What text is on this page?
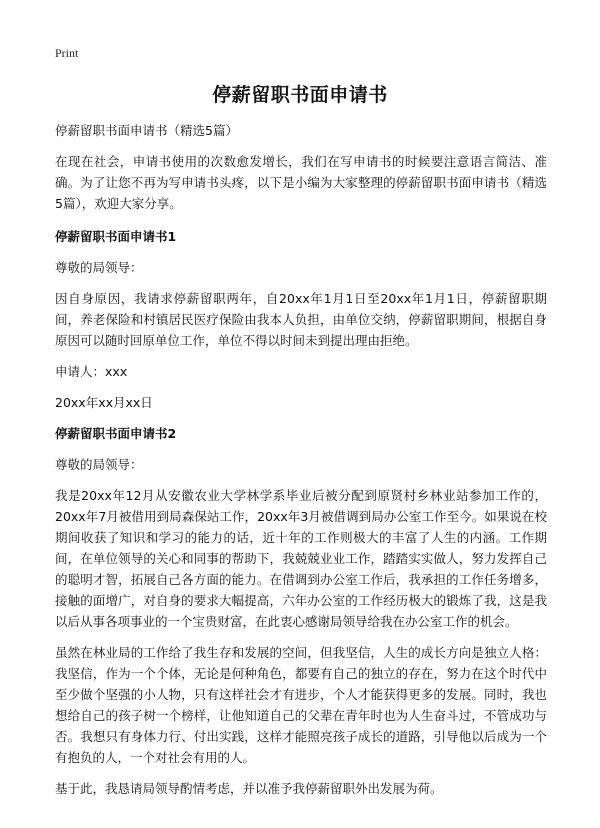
Print
停薪留职书面申请书

停薪留职书面申请书（精选5篇）

在现在社会，申请书使用的次数愈发增长，我们在写申请书的时候要注意语言简洁、准确。为了让您不再为写申请书头疼，以下是小编为大家整理的停薪留职书面申请书（精选5篇），欢迎大家分享。

停薪留职书面申请书1

尊敬的局领导：

因自身原因，我请求停薪留职两年，自20xx年1月1日至20xx年1月1日，停薪留职期间，养老保险和村镇居民医疗保险由我本人负担，由单位交纳，停薪留职期间，根据自身原因可以随时回原单位工作，单位不得以时间未到提出理由拒绝。

申请人：xxx

20xx年xx月xx日

停薪留职书面申请书2

尊敬的局领导：

我是20xx年12月从安徽农业大学林学系毕业后被分配到原贤村乡林业站参加工作的，20xx年7月被借用到局森保站工作，20xx年3月被借调到局办公室工作至今。如果说在校期间收获了知识和学习的能力的话，近十年的工作则极大的丰富了人生的内涵。工作期间，在单位领导的关心和同事的帮助下，我兢兢业业工作，踏踏实实做人，努力发挥自己的聪明才智，拓展自己各方面的能力。在借调到办公室工作后，我承担的工作任务增多，接触的面增广，对自身的要求大幅提高，六年办公室的工作经历极大的锻炼了我，这是我以后从事各项事业的一个宝贵财富，在此衷心感谢局领导给我在办公室工作的机会。

虽然在林业局的工作给了我生存和发展的空间，但我坚信，人生的成长方向是独立人格：我坚信，作为一个个体，无论是何种角色，都要有自己的独立的存在，努力在这个时代中至少做个坚强的小人物，只有这样社会才有进步，个人才能获得更多的发展。同时，我也想给自己的孩子树一个榜样，让他知道自己的父辈在青年时也为人生奋斗过，不管成功与否。我想只有身体力行、付出实践，这样才能照亮孩子成长的道路，引导他以后成为一个有抱负的人，一个对社会有用的人。

基于此，我恳请局领导酌情考虑，并以准予我停薪留职外出发展为荷。
